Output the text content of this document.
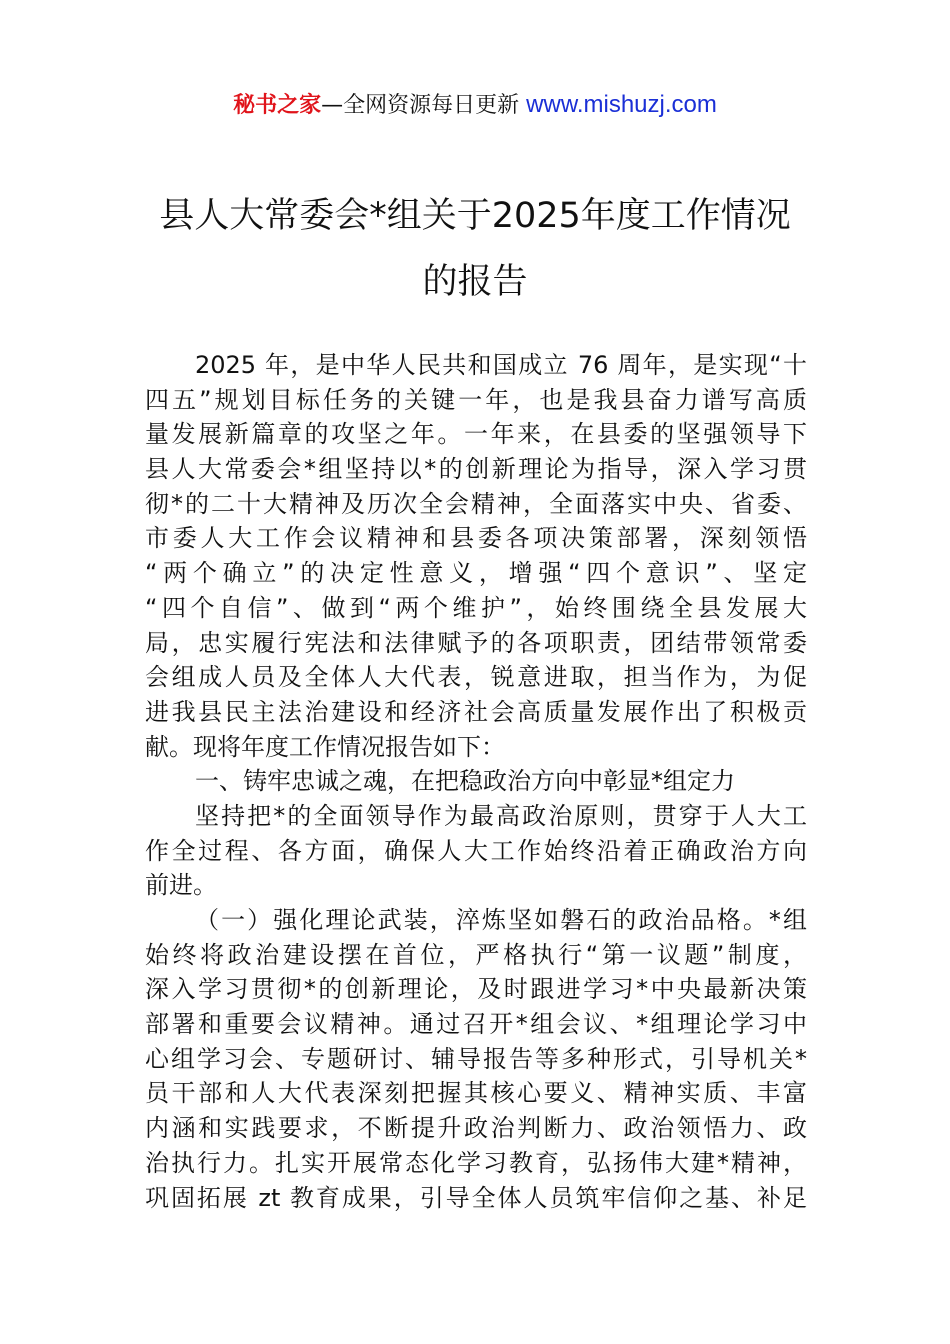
秘书之家—全网资源每日更新 www.mishuzj.com
县人大常委会*组关于2025年度工作情况
的报告
2025 年，是中华人民共和国成立 76 周年，是实现“十
四五”规划目标任务的关键一年，也是我县奋力谱写高质
量发展新篇章的攻坚之年。一年来，在县委的坚强领导下
县人大常委会*组坚持以*的创新理论为指导，深入学习贯
彻*的二十大精神及历次全会精神，全面落实中央、省委、
市委人大工作会议精神和县委各项决策部署，深刻领悟
“两个确立”的决定性意义，增强“四个意识”、坚定
“四个自信”、做到“两个维护”，始终围绕全县发展大
局，忠实履行宪法和法律赋予的各项职责，团结带领常委
会组成人员及全体人大代表，锐意进取，担当作为，为促
进我县民主法治建设和经济社会高质量发展作出了积极贡
献。现将年度工作情况报告如下：
一、铸牢忠诚之魂，在把稳政治方向中彰显*组定力
坚持把*的全面领导作为最高政治原则，贯穿于人大工
作全过程、各方面，确保人大工作始终沿着正确政治方向
前进。
（一）强化理论武装，淬炼坚如磐石的政治品格。*组
始终将政治建设摆在首位，严格执行“第一议题”制度，
深入学习贯彻*的创新理论，及时跟进学习*中央最新决策
部署和重要会议精神。通过召开*组会议、*组理论学习中
心组学习会、专题研讨、辅导报告等多种形式，引导机关*
员干部和人大代表深刻把握其核心要义、精神实质、丰富
内涵和实践要求，不断提升政治判断力、政治领悟力、政
治执行力。扎实开展常态化学习教育，弘扬伟大建*精神，
巩固拓展 zt 教育成果，引导全体人员筑牢信仰之基、补足
